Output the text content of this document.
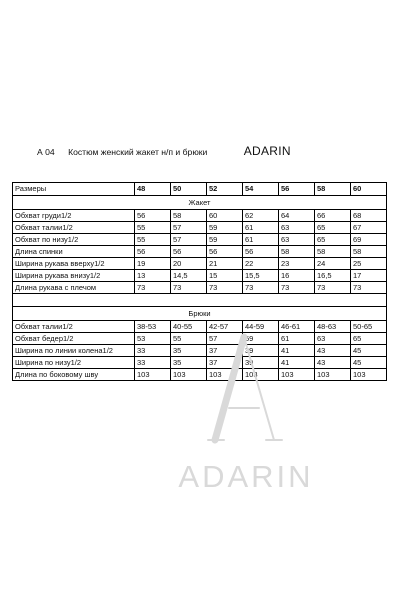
А 04 Костюм женский жакет н/п и брюки	ADARIN
Размеры	48	50	52	54	56	58	60
Жакет							
Обхват груди1/2	56	58	60	62	64	66	68
Обхват талии1/2	55	57	59	61	63	65	67
Обхват по низу1/2	55	57	59	61	63	65	69
Длина спинки	56	56	56	56	58	58	58
Ширина рукава вверху1/2	19	20	21	22	23	24	25
Ширина рукава внизу1/2	13	14,5	15	15,5	16	16,5	17
Длина рукава с плечом	73	73	73	73	73	73	73

Брюки							
Обхват талии1/2	38-53	40-55	42-57	44-59	46-61	48-63	50-65
Обхват бедер1/2	53	55	57	59	61	63	65
Ширина по линии колена1/2	33	35	37	39	41	43	45
Ширина по низу1/2	33	35	37	39	41	43	45
Длина по боковому шву	103	103	103	103	103	103	103
ADARIN
